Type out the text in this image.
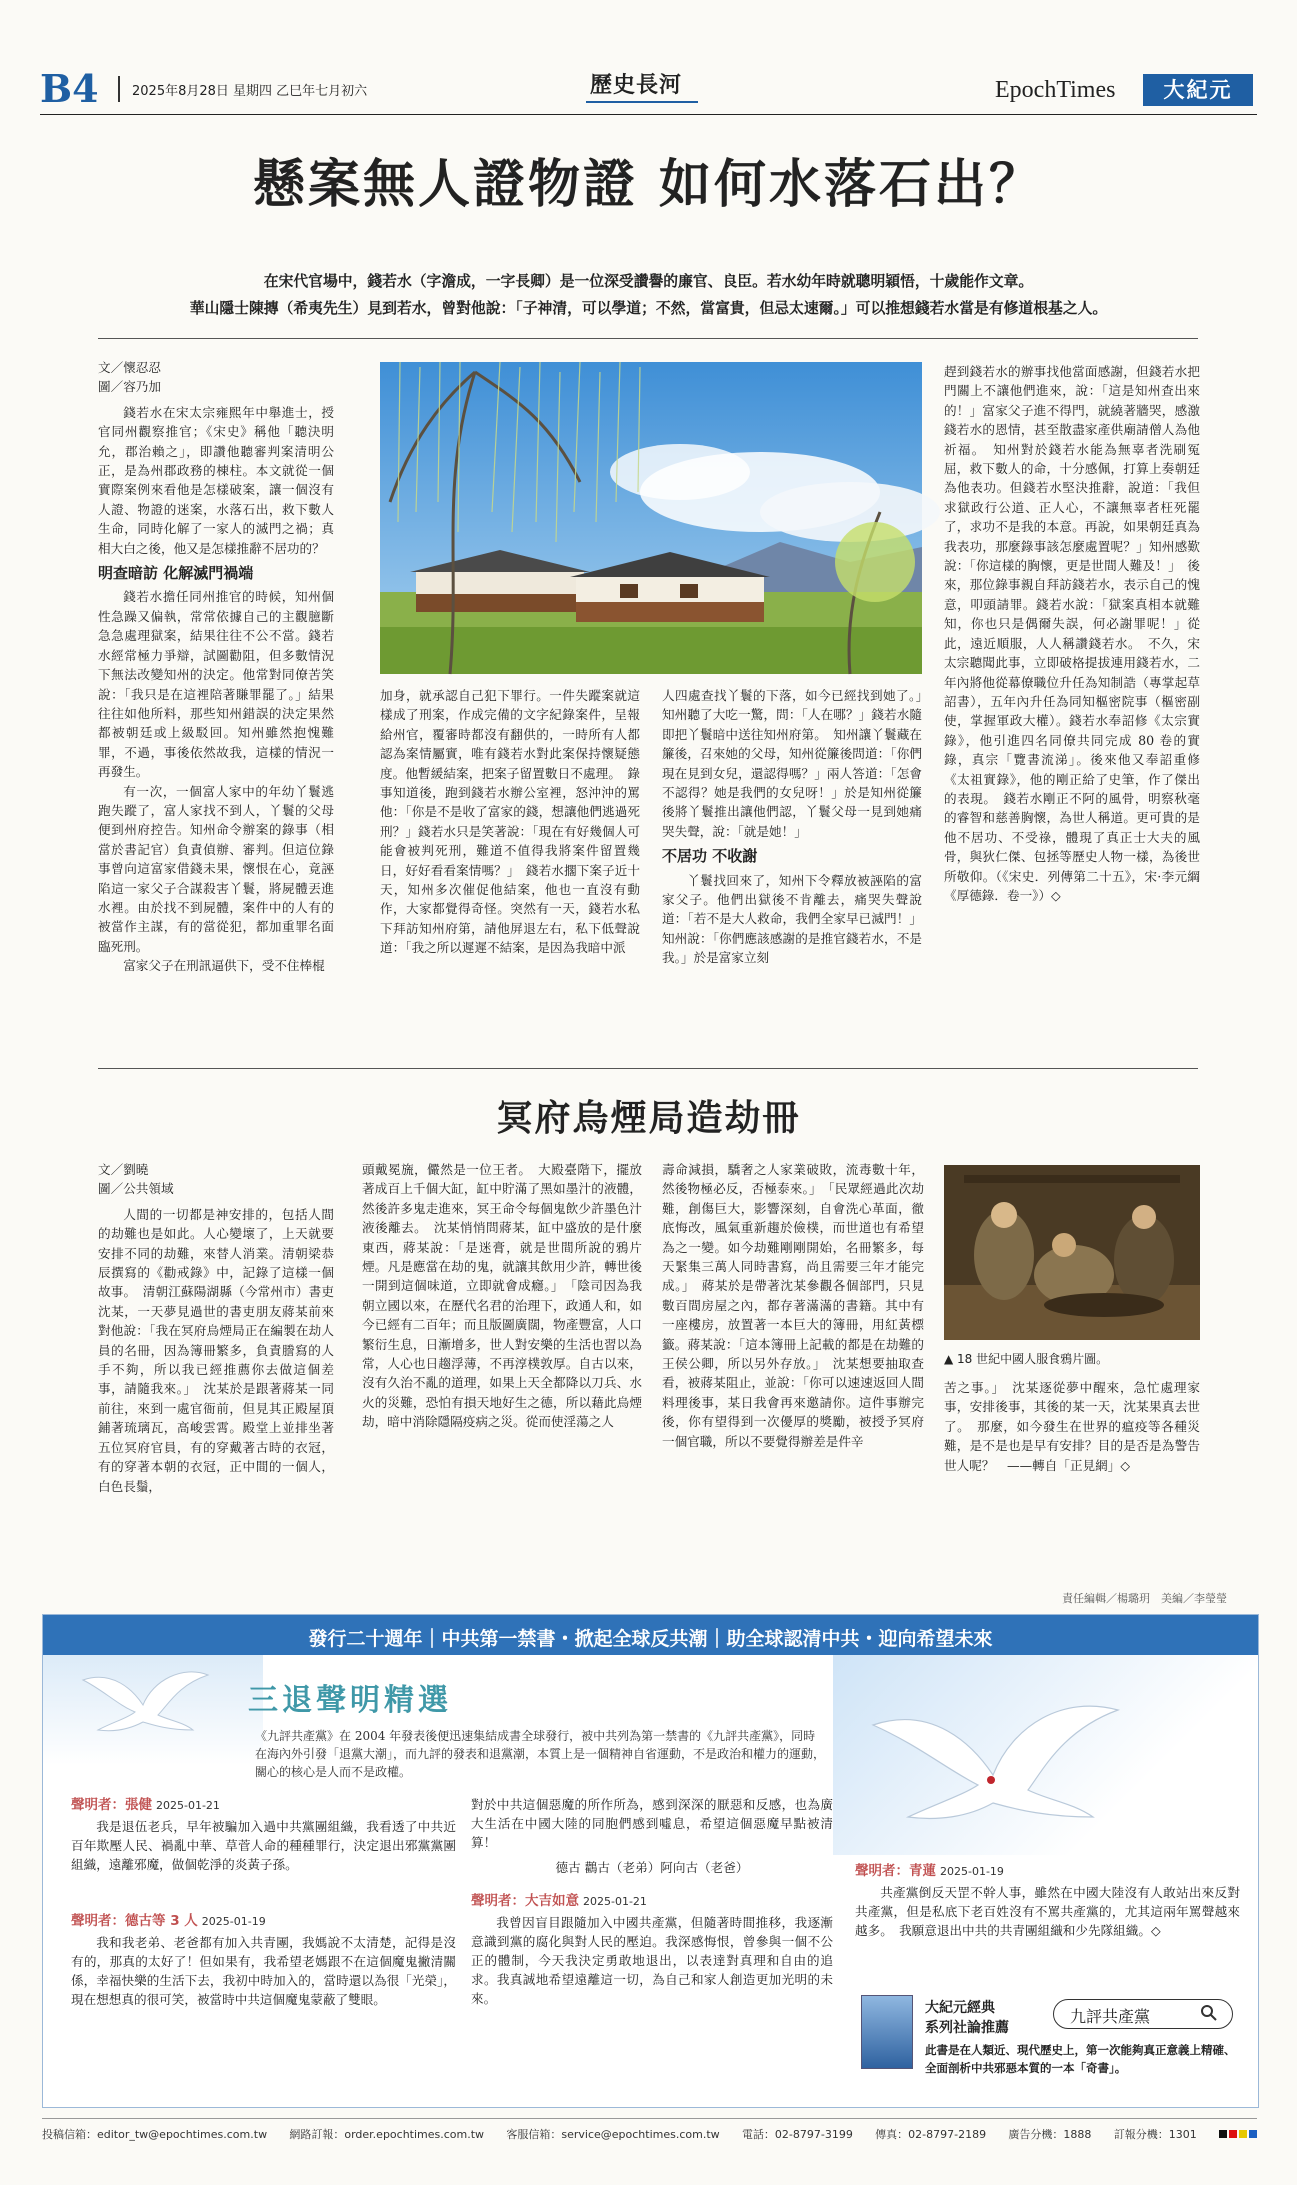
B4	2025年8月28日 星期四 乙巳年七月初六	歷史長河	EpochTimes	大紀元
懸案無人證物證 如何水落石出？
在宋代官場中，錢若水（字澹成，一字長卿）是一位深受讚譽的廉官、良臣。若水幼年時就聰明穎悟，十歲能作文章。
華山隱士陳摶（希夷先生）見到若水，曾對他說：「子神清，可以學道；不然，當富貴，但忌太速爾。」可以推想錢若水當是有修道根基之人。
文／懷忍忍
圖／容乃加

錢若水在宋太宗雍熙年中舉進士，授官同州觀察推官；《宋史》稱他「聽決明允，郡治賴之」，即讚他聽審判案清明公正，是為州郡政務的棟柱。本文就從一個實際案例來看他是怎樣破案，讓一個沒有人證、物證的迷案，水落石出，救下數人生命，同時化解了一家人的滅門之禍；真相大白之後，他又是怎樣推辭不居功的？

明查暗訪 化解滅門禍端

錢若水擔任同州推官的時候，知州個性急躁又偏執，常常依據自己的主觀臆斷急急處理獄案，結果往往不公不當。錢若水經常極力爭辯，試圖勸阻，但多數情況下無法改變知州的決定。他常對同僚苦笑說：「我只是在這裡陪著賺罪罷了。」結果往往如他所料，那些知州錯誤的決定果然都被朝廷或上級駁回。知州雖然抱愧難罪，不過，事後依然故我，這樣的情況一再發生。

有一次，一個富人家中的年幼丫鬟逃跑失蹤了，富人家找不到人，丫鬟的父母便到州府控告。知州命令辦案的錄事（相當於書記官）負責偵辦、審判。但這位錄事曾向這富家借錢未果，懷恨在心，竟誣陷這一家父子合謀殺害丫鬟，將屍體丟進水裡。由於找不到屍體，案件中的人有的被當作主謀，有的當從犯，都加重罪名面臨死刑。

富家父子在刑訊逼供下，受不住棒棍

加身，就承認自己犯下罪行。一件失蹤案就這樣成了刑案，作成完備的文字紀錄案件，呈報給州官，覆審時都沒有翻供的，一時所有人都認為案情屬實，唯有錢若水對此案保持懷疑態度。他暫緩結案，把案子留置數日不處理。　錄事知道後，跑到錢若水辦公室裡，怒沖沖的罵他：「你是不是收了富家的錢，想讓他們逃過死刑？」錢若水只是笑著說：「現在有好幾個人可能會被判死刑，難道不值得我將案件留置幾日，好好看看案情嗎？」　錢若水擱下案子近十天，知州多次催促他結案，他也一直沒有動作，大家都覺得奇怪。突然有一天，錢若水私下拜訪知州府第，請他屏退左右，私下低聲說道：「我之所以遲遲不結案，是因為我暗中派

人四處查找丫鬟的下落，如今已經找到她了。」　知州聽了大吃一驚，問：「人在哪？」錢若水隨即把丫鬟暗中送往知州府第。　知州讓丫鬟藏在簾後，召來她的父母，知州從簾後問道：「你們現在見到女兒，還認得嗎？」兩人答道：「怎會不認得？她是我們的女兒呀！」於是知州從簾後將丫鬟推出讓他們認，丫鬟父母一見到她痛哭失聲，說：「就是她！」

不居功 不收謝

丫鬟找回來了，知州下令釋放被誣陷的富家父子。他們出獄後不肯離去，痛哭失聲說道：「若不是大人救命，我們全家早已滅門！」知州說：「你們應該感謝的是推官錢若水，不是我。」於是富家立刻

趕到錢若水的辦事找他當面感謝，但錢若水把門關上不讓他們進來，說：「這是知州查出來的！」富家父子進不得門，就繞著牆哭，感激錢若水的恩情，甚至散盡家產供廟請僧人為他祈福。　知州對於錢若水能為無辜者洗刷冤屈，救下數人的命，十分感佩，打算上奏朝廷為他表功。但錢若水堅決推辭，說道：「我但求獄政行公道、正人心，不讓無辜者枉死罷了，求功不是我的本意。再說，如果朝廷真為我表功，那麼錄事該怎麼處置呢？」知州感歎說：「你這樣的胸懷，更是世間人難及！」　後來，那位錄事親自拜訪錢若水，表示自己的愧意，叩頭請罪。錢若水說：「獄案真相本就難知，你也只是偶爾失誤，何必謝罪呢！」從此，遠近順服，人人稱讚錢若水。　不久，宋太宗聽聞此事，立即破格提拔連用錢若水，二年內將他從幕僚職位升任為知制誥（專掌起草詔書），五年內升任為同知樞密院事（樞密副使，掌握軍政大權）。錢若水奉詔修《太宗實錄》，他引進四名同僚共同完成 80 卷的實錄，真宗「覽書流涕」。後來他又奉詔重修《太祖實錄》，他的剛正給了史筆，作了傑出的表現。　錢若水剛正不阿的風骨，明察秋毫的睿智和慈善胸懷，為世人稱道。更可貴的是他不居功、不受祿，體現了真正士大夫的風骨，與狄仁傑、包拯等歷史人物一樣，為後世所敬仰。（《宋史．列傳第二十五》，宋·李元綱《厚德錄．卷一》）◇

冥府烏煙局造劫冊
文／劉曉
圖／公共領域

人間的一切都是神安排的，包括人間的劫難也是如此。人心變壞了，上天就要安排不同的劫難，來替人消業。清朝梁恭辰撰寫的《勸戒錄》中，記錄了這樣一個故事。　清朝江蘇陽湖縣（今常州市）書吏沈某，一天夢見過世的書吏朋友蔣某前來對他說：「我在冥府烏煙局正在編製在劫人員的名冊，因為簿冊繁多，負責謄寫的人手不夠，所以我已經推薦你去做這個差事，請隨我來。」　沈某於是跟著蔣某一同前往，來到一處官衙前，但見其正殿屋頂鋪著琉璃瓦，高峻雲霄。殿堂上並排坐著五位冥府官員，有的穿戴著古時的衣冠，有的穿著本朝的衣冠，正中間的一個人，白色長鬚，

頭戴冕旒，儼然是一位王者。　大殿臺階下，擺放著成百上千個大缸，缸中貯滿了黑如墨汁的液體，然後許多鬼走進來，冥王命令每個鬼飲少許墨色汁液後離去。　沈某悄悄問蔣某，缸中盛放的是什麼東西，蔣某說：「是迷膏，就是世間所說的鴉片煙。凡是應當在劫的鬼，就讓其飲用少許，轉世後一開到這個味道，立即就會成癮。」　「陰司因為我朝立國以來，在歷代名君的治理下，政通人和，如今已經有二百年；而且版圖廣闊，物產豐富，人口繁衍生息，日漸增多，世人對安樂的生活也習以為常，人心也日趨浮薄，不再淳樸敦厚。自古以來，沒有久治不亂的道理，如果上天全都降以刀兵、水火的災難，恐怕有損天地好生之德，所以藉此烏煙劫，暗中消除隱隔疫病之災。從而使淫蕩之人

壽命減損，驕奢之人家業破敗，流毒數十年，然後物極必反，否極泰來。」　「民眾經過此次劫難，創傷巨大，影響深刻，自會洗心革面，徹底悔改，風氣重新趨於儉樸，而世道也有希望為之一變。如今劫難剛剛開始，名冊繁多，每天緊集三萬人同時書寫，尚且需要三年才能完成。」　蔣某於是帶著沈某參觀各個部門，只見數百間房屋之內，都存著滿滿的書籍。其中有一座樓房，放置著一本巨大的簿冊，用紅黃標籤。蔣某說：「這本簿冊上記載的都是在劫難的王侯公卿，所以另外存放。」　沈某想要抽取查看，被蔣某阻止，並說：「你可以速速返回人間料理後事，某日我會再來邀請你。這件事辦完後，你有望得到一次優厚的獎勵，被授予冥府一個官職，所以不要覺得辦差是件辛

▲ 18 世紀中國人服食鴉片圖。

苦之事。」　沈某逐從夢中醒來，急忙處理家事，安排後事，其後的某一天，沈某果真去世了。　那麼，如今發生在世界的瘟疫等各種災難，是不是也是早有安排？目的是否是為警告世人呢？　——轉自「正見網」◇

責任編輯／楊璐玥　美編／李瑩瑩
發行二十週年｜中共第一禁書・掀起全球反共潮｜助全球認清中共・迎向希望未來
三退聲明精選
《九評共產黨》在 2004 年發表後便迅速集結成書全球發行，被中共列為第一禁書的《九評共產黨》，同時在海內外引發「退黨大潮」，而九評的發表和退黨潮，本質上是一個精神自省運動，不是政治和權力的運動，關心的核心是人而不是政權。
聲明者：張健 2025-01-21

我是退伍老兵，早年被騙加入過中共黨團組織，我看透了中共近百年欺壓人民、禍亂中華、草菅人命的種種罪行，決定退出邪黨黨團組織，遠離邪魔，做個乾淨的炎黃子孫。

聲明者：德古等 3 人 2025-01-19

我和我老弟、老爸都有加入共青團，我媽說不太清楚，記得是沒有的，那真的太好了！但如果有，我希望老媽跟不在這個魔鬼撇清關係，幸福快樂的生活下去，我初中時加入的，當時還以為很「光榮」，現在想想真的很可笑，被當時中共這個魔鬼蒙蔽了雙眼。

對於中共這個惡魔的所作所為，感到深深的厭惡和反感，也為廣大生活在中國大陸的同胞們感到噓息，希望這個惡魔早點被清算！

德古 鸛古（老弟）阿向古（老爸）

聲明者：大吉如意 2025-01-21

我曾因盲目跟隨加入中國共產黨，但隨著時間推移，我逐漸意識到黨的腐化與對人民的壓迫。我深感悔恨，曾參與一個不公正的體制，今天我決定勇敢地退出，以表達對真理和自由的追求。我真誠地希望遠離這一切，為自己和家人創造更加光明的未來。

聲明者：青蓮 2025-01-19

共產黨倒反天罡不幹人事，雖然在中國大陸沒有人敢站出來反對共產黨，但是私底下老百姓沒有不罵共產黨的，尤其這兩年罵聲越來越多。　我願意退出中共的共青團組織和少先隊組織。◇

大紀元經典
系列社論推薦
九評共產黨
此書是在人類近、現代歷史上，第一次能夠真正意義上精確、全面剖析中共邪惡本質的一本「奇書」。
投稿信箱：editor_tw@epochtimes.com.tw 網路訂報：order.epochtimes.com.tw 客服信箱：service@epochtimes.com.tw 電話：02-8797-3199 傳真：02-8797-2189 廣告分機：1888 訂報分機：1301
